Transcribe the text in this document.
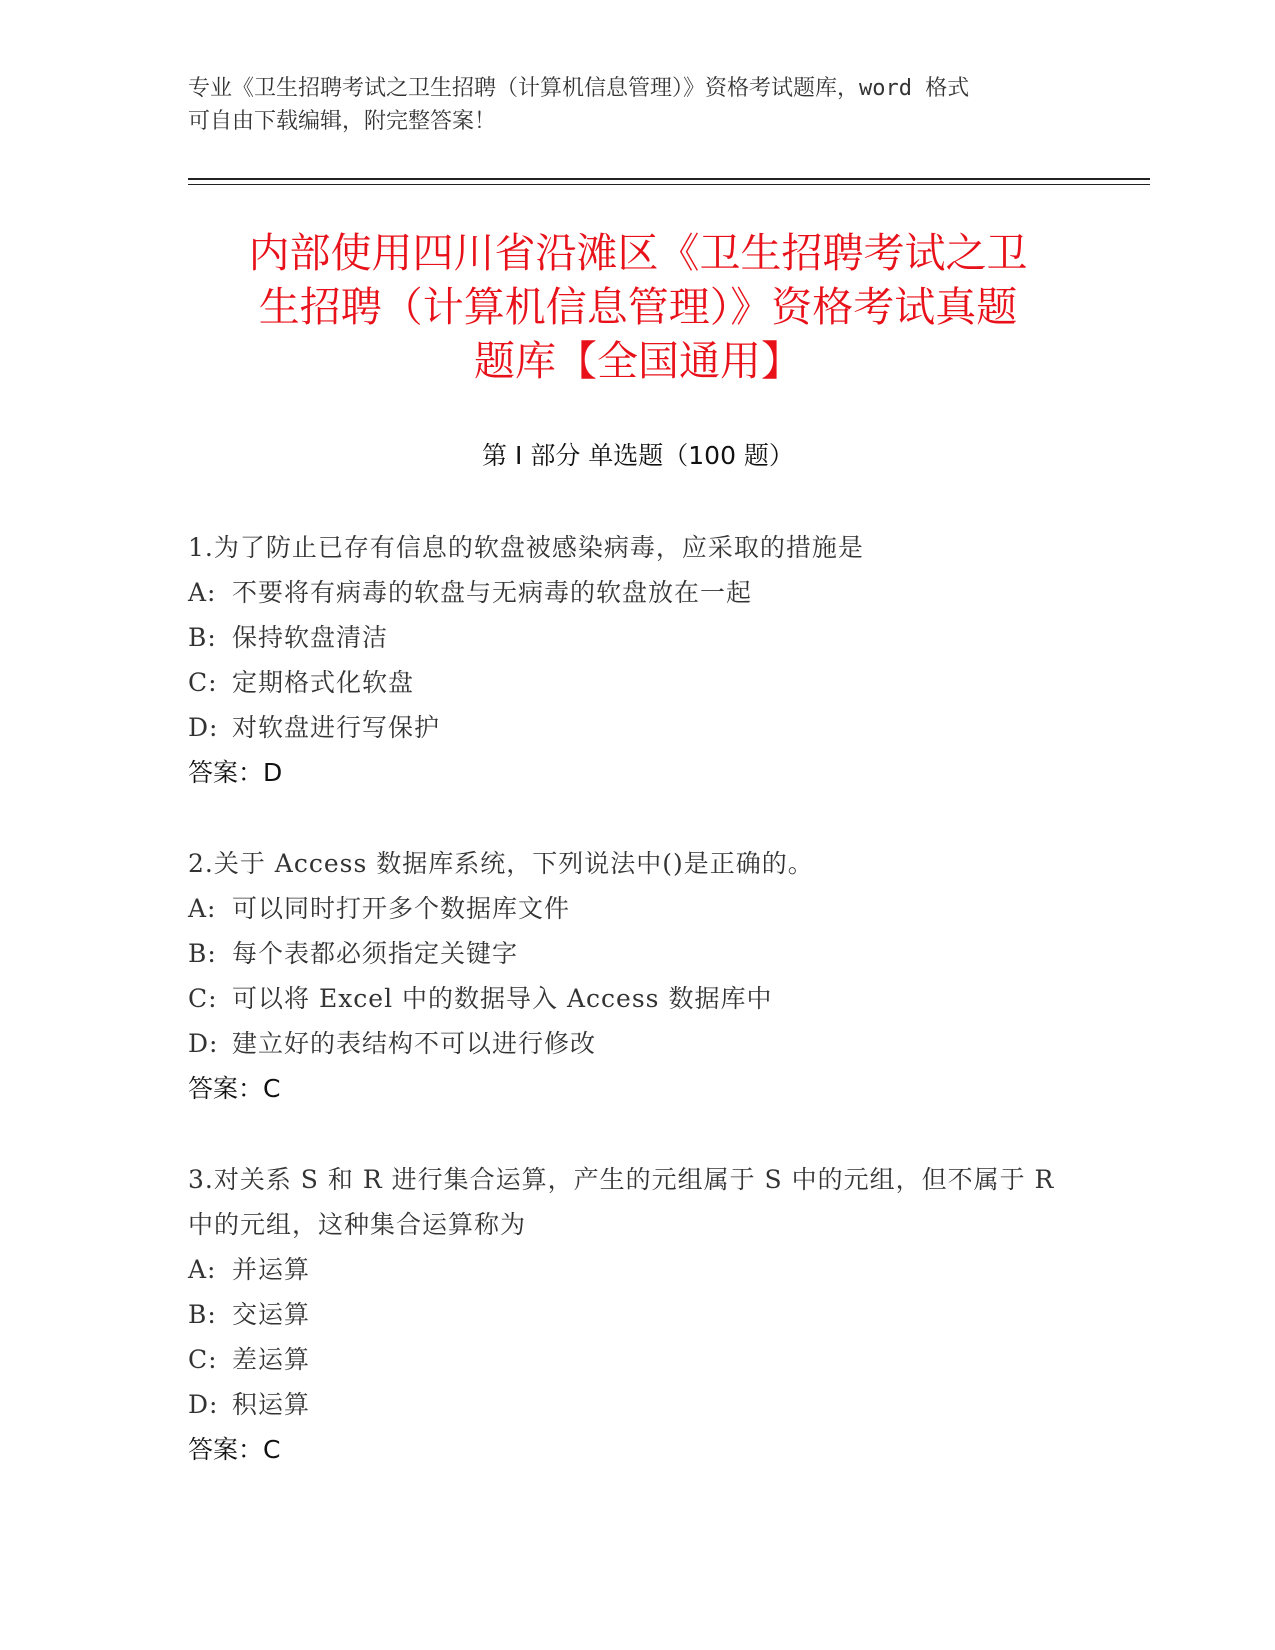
专业《卫生招聘考试之卫生招聘（计算机信息管理）》资格考试题库，word 格式
可自由下载编辑，附完整答案！
内部使用四川省沿滩区《卫生招聘考试之卫
生招聘（计算机信息管理）》资格考试真题
题库【全国通用】
第 I 部分 单选题（100 题）
1.为了防止已存有信息的软盘被感染病毒，应采取的措施是
A: 不要将有病毒的软盘与无病毒的软盘放在一起
B: 保持软盘清洁
C: 定期格式化软盘
D: 对软盘进行写保护
答案：D
2.关于 Access 数据库系统，下列说法中()是正确的。
A: 可以同时打开多个数据库文件
B: 每个表都必须指定关键字
C: 可以将 Excel 中的数据导入 Access 数据库中
D: 建立好的表结构不可以进行修改
答案：C
3.对关系 S 和 R 进行集合运算，产生的元组属于 S 中的元组，但不属于 R 中的元组，这种集合运算称为
A: 并运算
B: 交运算
C: 差运算
D: 积运算
答案：C
